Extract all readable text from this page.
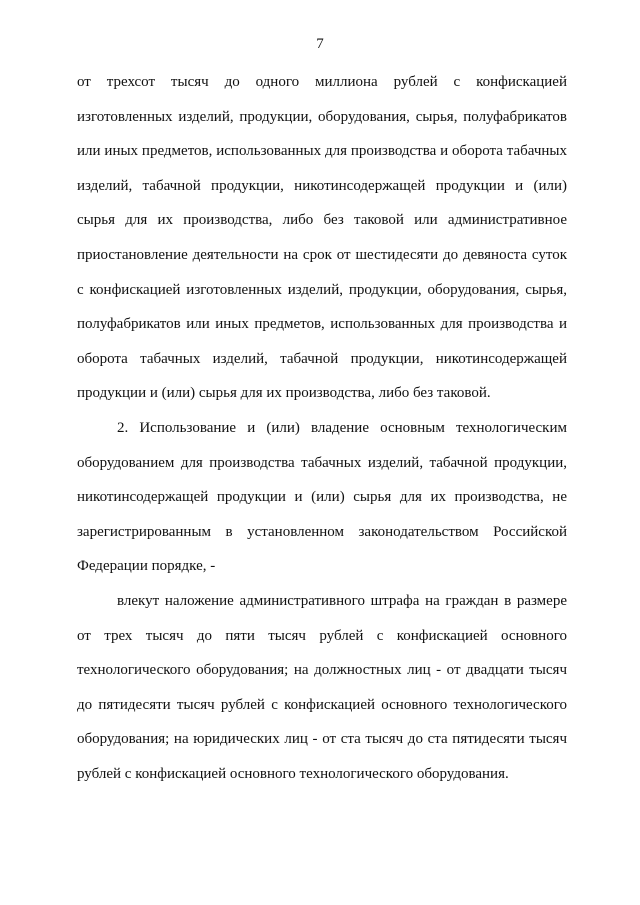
7

от трехсот тысяч до одного миллиона рублей с конфискацией изготовленных изделий, продукции, оборудования, сырья, полуфабрикатов или иных предметов, использованных для производства и оборота табачных изделий, табачной продукции, никотинсодержащей продукции и (или) сырья для их производства, либо без таковой или административное приостановление деятельности на срок от шестидесяти до девяноста суток с конфискацией изготовленных изделий, продукции, оборудования, сырья, полуфабрикатов или иных предметов, использованных для производства и оборота табачных изделий, табачной продукции, никотинсодержащей продукции и (или) сырья для их производства, либо без таковой.

2. Использование и (или) владение основным технологическим оборудованием для производства табачных изделий, табачной продукции, никотинсодержащей продукции и (или) сырья для их производства, не зарегистрированным в установленном законодательством Российской Федерации порядке, -

влекут наложение административного штрафа на граждан в размере от трех тысяч до пяти тысяч рублей с конфискацией основного технологического оборудования; на должностных лиц - от двадцати тысяч до пятидесяти тысяч рублей с конфискацией основного технологического оборудования; на юридических лиц - от ста тысяч до ста пятидесяти тысяч рублей с конфискацией основного технологического оборудования.
